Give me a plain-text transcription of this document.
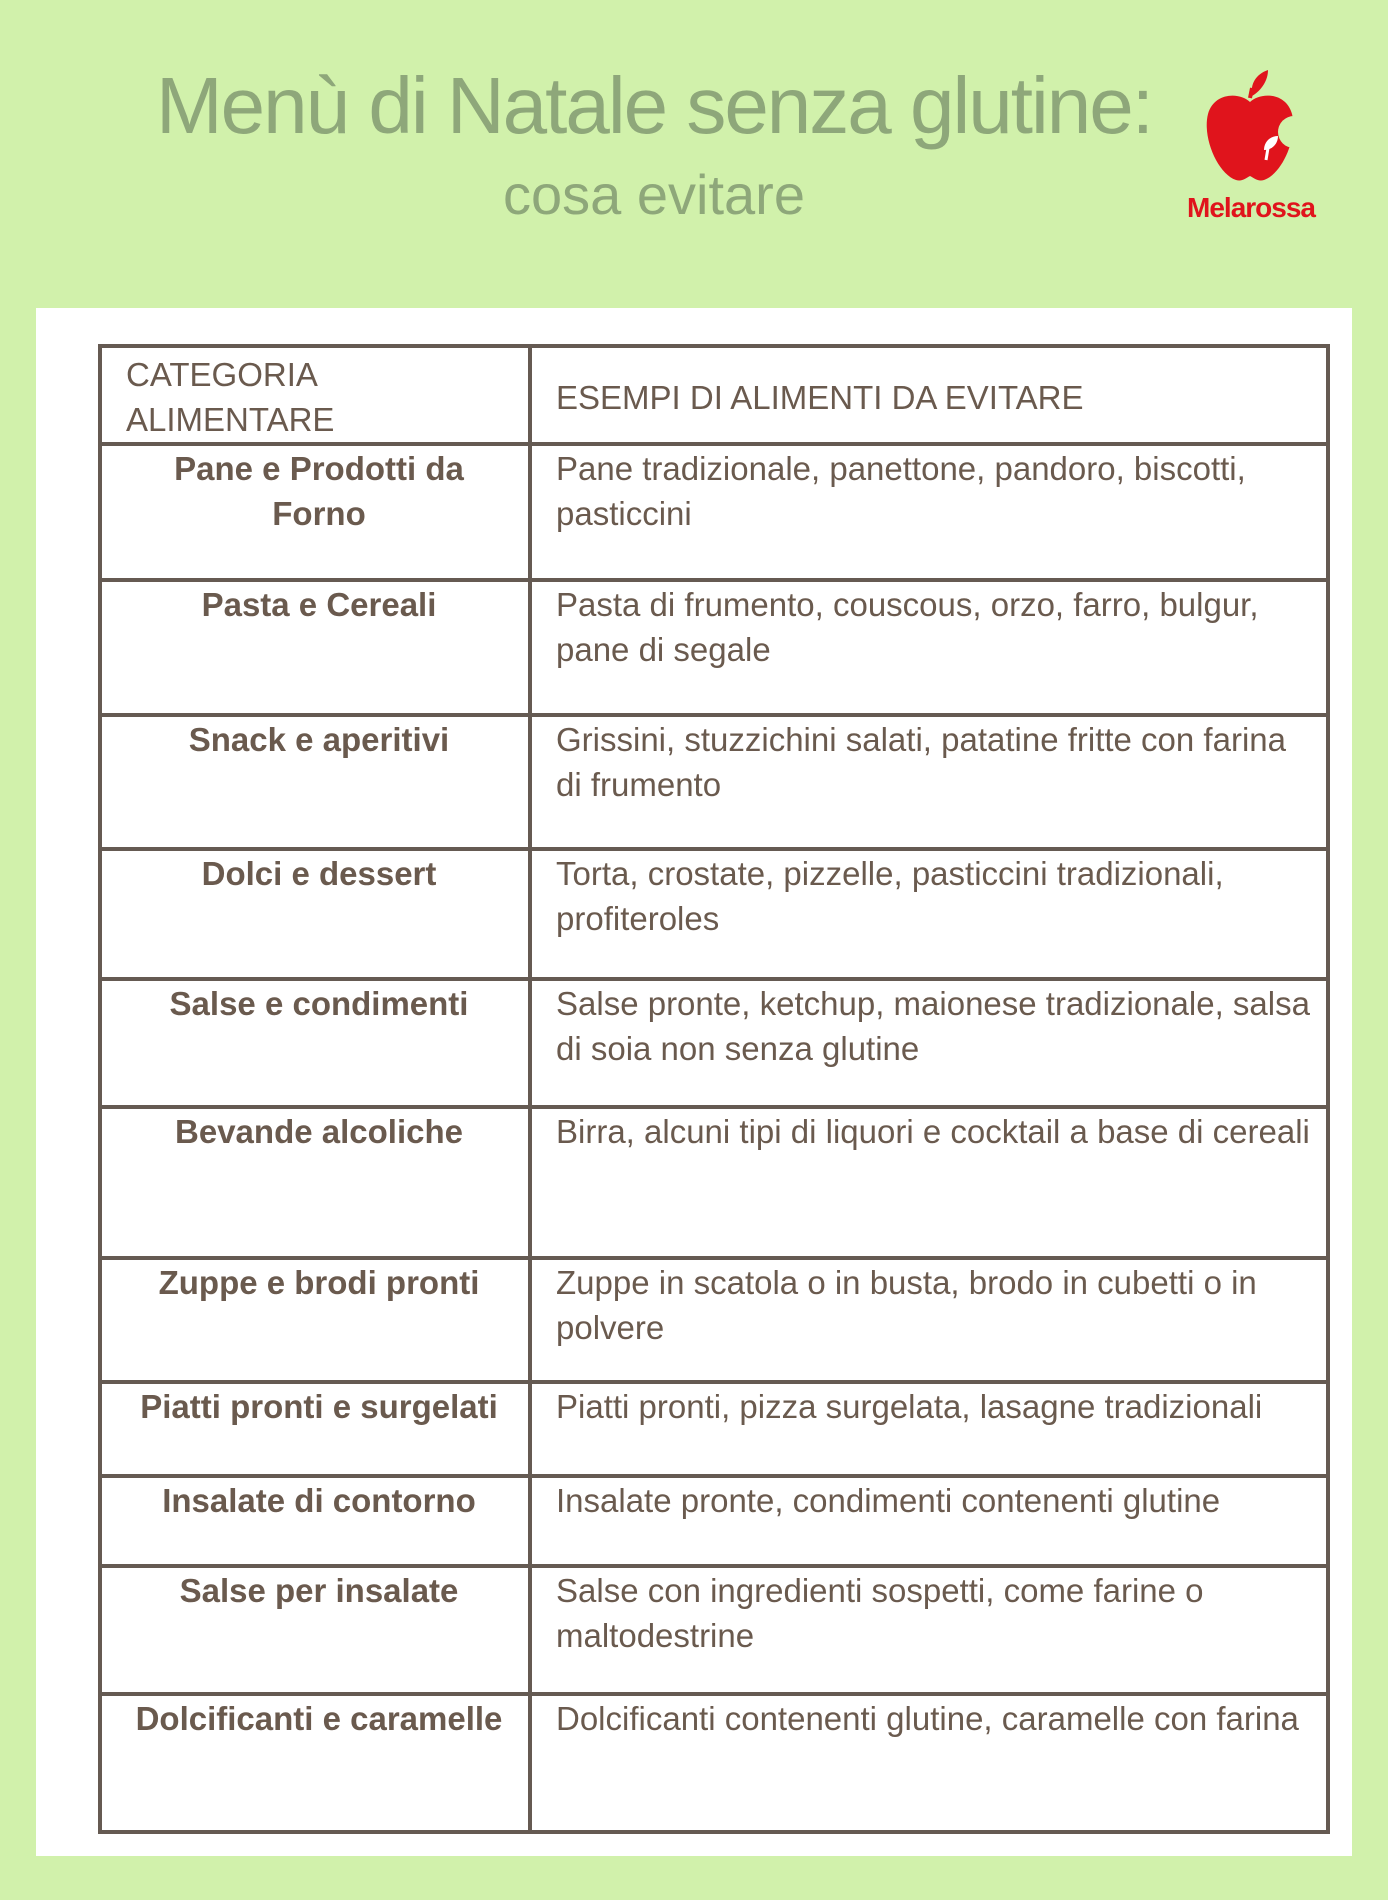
Menù di Natale senza glutine:
cosa evitare	Melarossa
CATEGORIA ALIMENTARE	ESEMPI DI ALIMENTI DA EVITARE
Pane e Prodotti da Forno	Pane tradizionale, panettone, pandoro, biscotti, pasticcini
Pasta e Cereali	Pasta di frumento, couscous, orzo, farro, bulgur, pane di segale
Snack e aperitivi	Grissini, stuzzichini salati, patatine fritte con farina di frumento
Dolci e dessert	Torta, crostate, pizzelle, pasticcini tradizionali, profiteroles
Salse e condimenti	Salse pronte, ketchup, maionese tradizionale, salsa di soia non senza glutine
Bevande alcoliche	Birra, alcuni tipi di liquori e cocktail a base di cereali
Zuppe e brodi pronti	Zuppe in scatola o in busta, brodo in cubetti o in polvere
Piatti pronti e surgelati	Piatti pronti, pizza surgelata, lasagne tradizionali
Insalate di contorno	Insalate pronte, condimenti contenenti glutine
Salse per insalate	Salse con ingredienti sospetti, come farine o maltodestrine
Dolcificanti e caramelle	Dolcificanti contenenti glutine, caramelle con farina
